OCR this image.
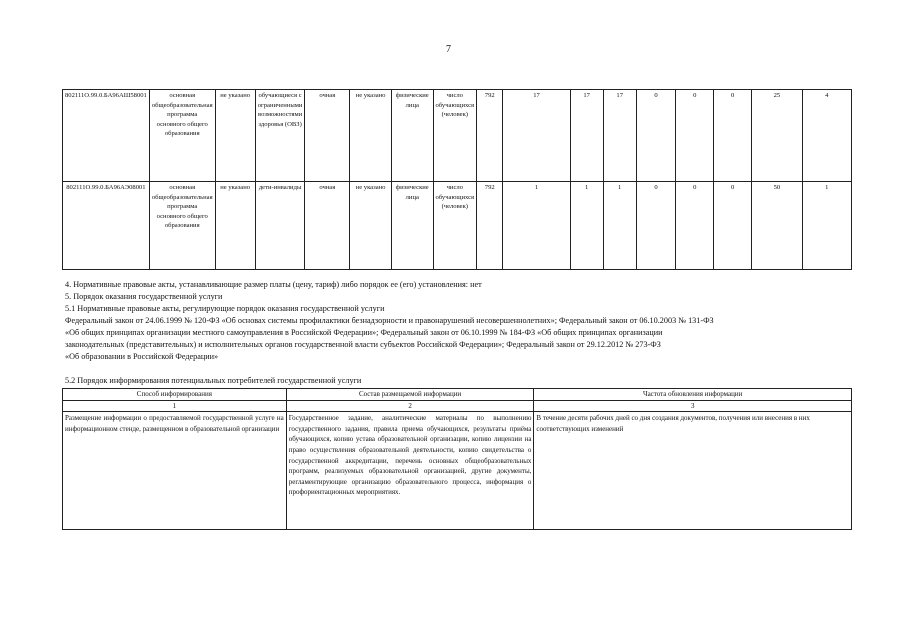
7
802111О.99.0.БА96АШ58001	основная общеобразовательная программа основного общего образования	не указано	обучающиеся с ограниченными возможностями здоровья (ОВЗ)	очная	не указано	физические лица	число обучающихся (человек)	792	17	17	17	0	0	0	25	4
802111О.99.0.БА96АЭ08001	основная общеобразовательная программа основного общего образования	не указано	дети-инвалиды	очная	не указано	физические лица	число обучающихся (человек)	792	1	1	1	0	0	0	50	1
4. Нормативные правовые акты, устанавливающие размер платы (цену, тариф) либо порядок ее (его) установления: нет
5. Порядок оказания государственной услуги
5.1 Нормативные правовые акты, регулирующие порядок оказания государственной услуги
Федеральный закон от 24.06.1999 № 120-ФЗ «Об основах системы профилактики безнадзорности и правонарушений несовершеннолетних»; Федеральный закон от 06.10.2003 № 131-ФЗ
«Об общих принципах организации местного самоуправления в Российской Федерации»; Федеральный закон от 06.10.1999 № 184-ФЗ «Об общих принципах организации
законодательных (представительных) и исполнительных органов государственной власти субъектов Российской Федерации»; Федеральный закон от 29.12.2012 № 273-ФЗ
«Об образовании в Российской Федерации»
5.2 Порядок информирования потенциальных потребителей государственной услуги
Способ информирования	Состав размещаемой информации	Частота обновления информации
1	2	3
Размещение информации о предоставляемой государственной услуге на информационном стенде, размещенном в образовательной организации	Государственное задание, аналитические материалы по выполнению государственного задания, правила приема обучающихся, результаты приёма обучающихся, копию устава образовательной организации, копию лицензии на право осуществления образовательной деятельности, копию свидетельства о государственной аккредитации, перечень основных общеобразовательных программ, реализуемых образовательной организацией, другие документы, регламентирующие организацию образовательного процесса, информация о профориентационных мероприятиях.	В течение десяти рабочих дней со дня создания документов, получения или внесения в них соответствующих изменений
